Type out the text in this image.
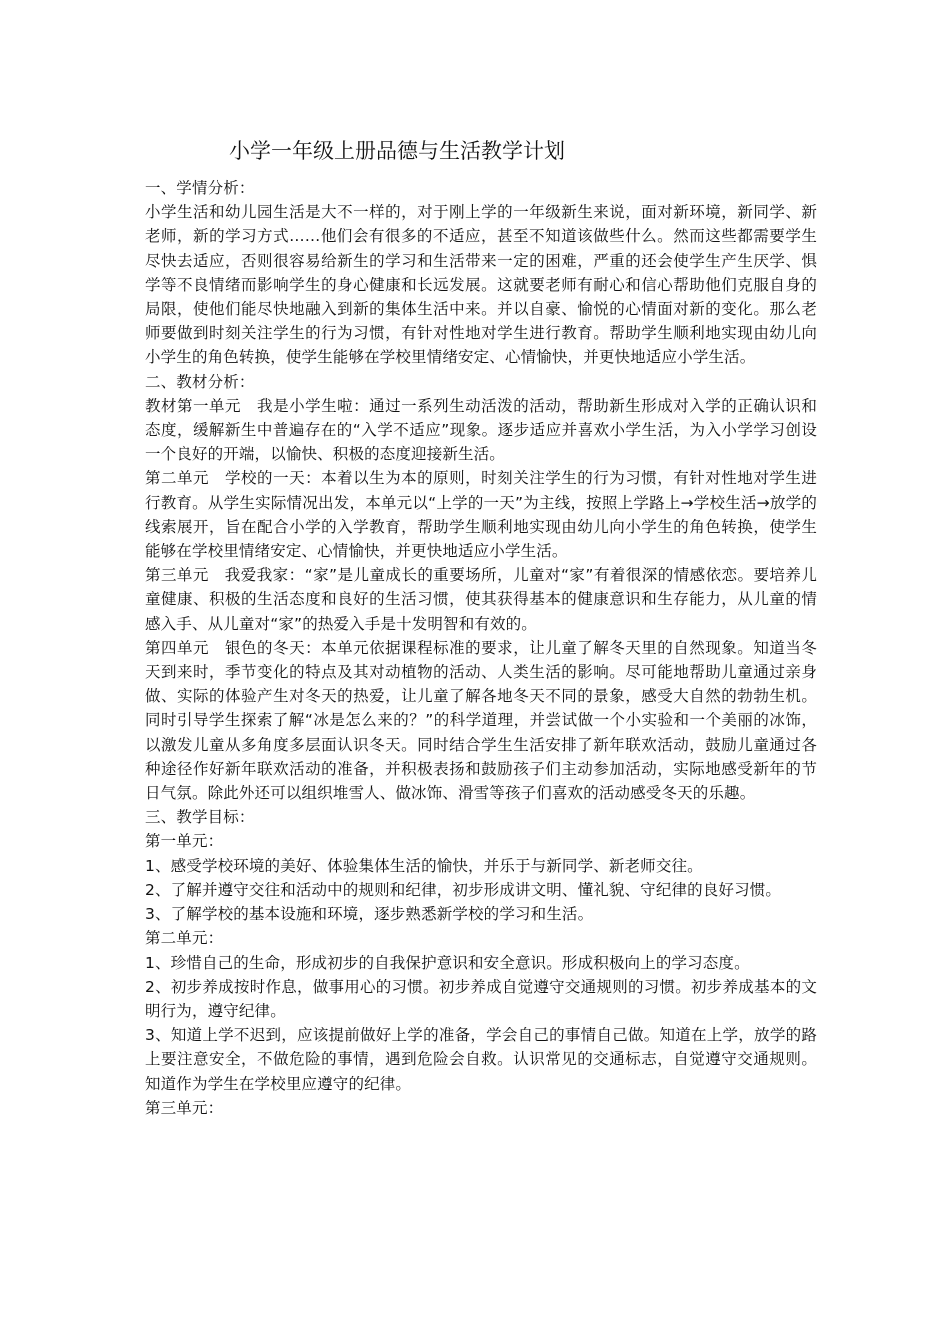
小学一年级上册品德与生活教学计划

一、学情分析：

小学生活和幼儿园生活是大不一样的，对于刚上学的一年级新生来说，面对新环境，新同学、新老师，新的学习方式……他们会有很多的不适应，甚至不知道该做些什么。然而这些都需要学生尽快去适应，否则很容易给新生的学习和生活带来一定的困难，严重的还会使学生产生厌学、惧学等不良情绪而影响学生的身心健康和长远发展。这就要老师有耐心和信心帮助他们克服自身的局限，使他们能尽快地融入到新的集体生活中来。并以自豪、愉悦的心情面对新的变化。那么老师要做到时刻关注学生的行为习惯，有针对性地对学生进行教育。帮助学生顺利地实现由幼儿向小学生的角色转换，使学生能够在学校里情绪安定、心情愉快，并更快地适应小学生活。

二、教材分析：

教材第一单元　我是小学生啦：通过一系列生动活泼的活动，帮助新生形成对入学的正确认识和态度，缓解新生中普遍存在的“入学不适应”现象。逐步适应并喜欢小学生活，为入小学学习创设一个良好的开端，以愉快、积极的态度迎接新生活。

第二单元　学校的一天：本着以生为本的原则，时刻关注学生的行为习惯，有针对性地对学生进行教育。从学生实际情况出发，本单元以“上学的一天”为主线，按照上学路上→学校生活→放学的线索展开，旨在配合小学的入学教育，帮助学生顺利地实现由幼儿向小学生的角色转换，使学生能够在学校里情绪安定、心情愉快，并更快地适应小学生活。

第三单元　我爱我家：“家”是儿童成长的重要场所，儿童对“家”有着很深的情感依恋。要培养儿童健康、积极的生活态度和良好的生活习惯，使其获得基本的健康意识和生存能力，从儿童的情感入手、从儿童对“家”的热爱入手是十发明智和有效的。

第四单元　银色的冬天：本单元依据课程标准的要求，让儿童了解冬天里的自然现象。知道当冬天到来时，季节变化的特点及其对动植物的活动、人类生活的影响。尽可能地帮助儿童通过亲身做、实际的体验产生对冬天的热爱，让儿童了解各地冬天不同的景象，感受大自然的勃勃生机。同时引导学生探索了解“冰是怎么来的？”的科学道理，并尝试做一个小实验和一个美丽的冰饰，以激发儿童从多角度多层面认识冬天。同时结合学生生活安排了新年联欢活动，鼓励儿童通过各种途径作好新年联欢活动的准备，并积极表扬和鼓励孩子们主动参加活动，实际地感受新年的节日气氛。除此外还可以组织堆雪人、做冰饰、滑雪等孩子们喜欢的活动感受冬天的乐趣。

三、教学目标：

第一单元：

1、感受学校环境的美好、体验集体生活的愉快，并乐于与新同学、新老师交往。

2、了解并遵守交往和活动中的规则和纪律，初步形成讲文明、懂礼貌、守纪律的良好习惯。

3、了解学校的基本设施和环境，逐步熟悉新学校的学习和生活。

第二单元：

1、珍惜自己的生命，形成初步的自我保护意识和安全意识。形成积极向上的学习态度。

2、初步养成按时作息，做事用心的习惯。初步养成自觉遵守交通规则的习惯。初步养成基本的文明行为，遵守纪律。

3、知道上学不迟到，应该提前做好上学的准备，学会自己的事情自己做。知道在上学，放学的路上要注意安全，不做危险的事情，遇到危险会自救。认识常见的交通标志，自觉遵守交通规则。知道作为学生在学校里应遵守的纪律。

第三单元：
